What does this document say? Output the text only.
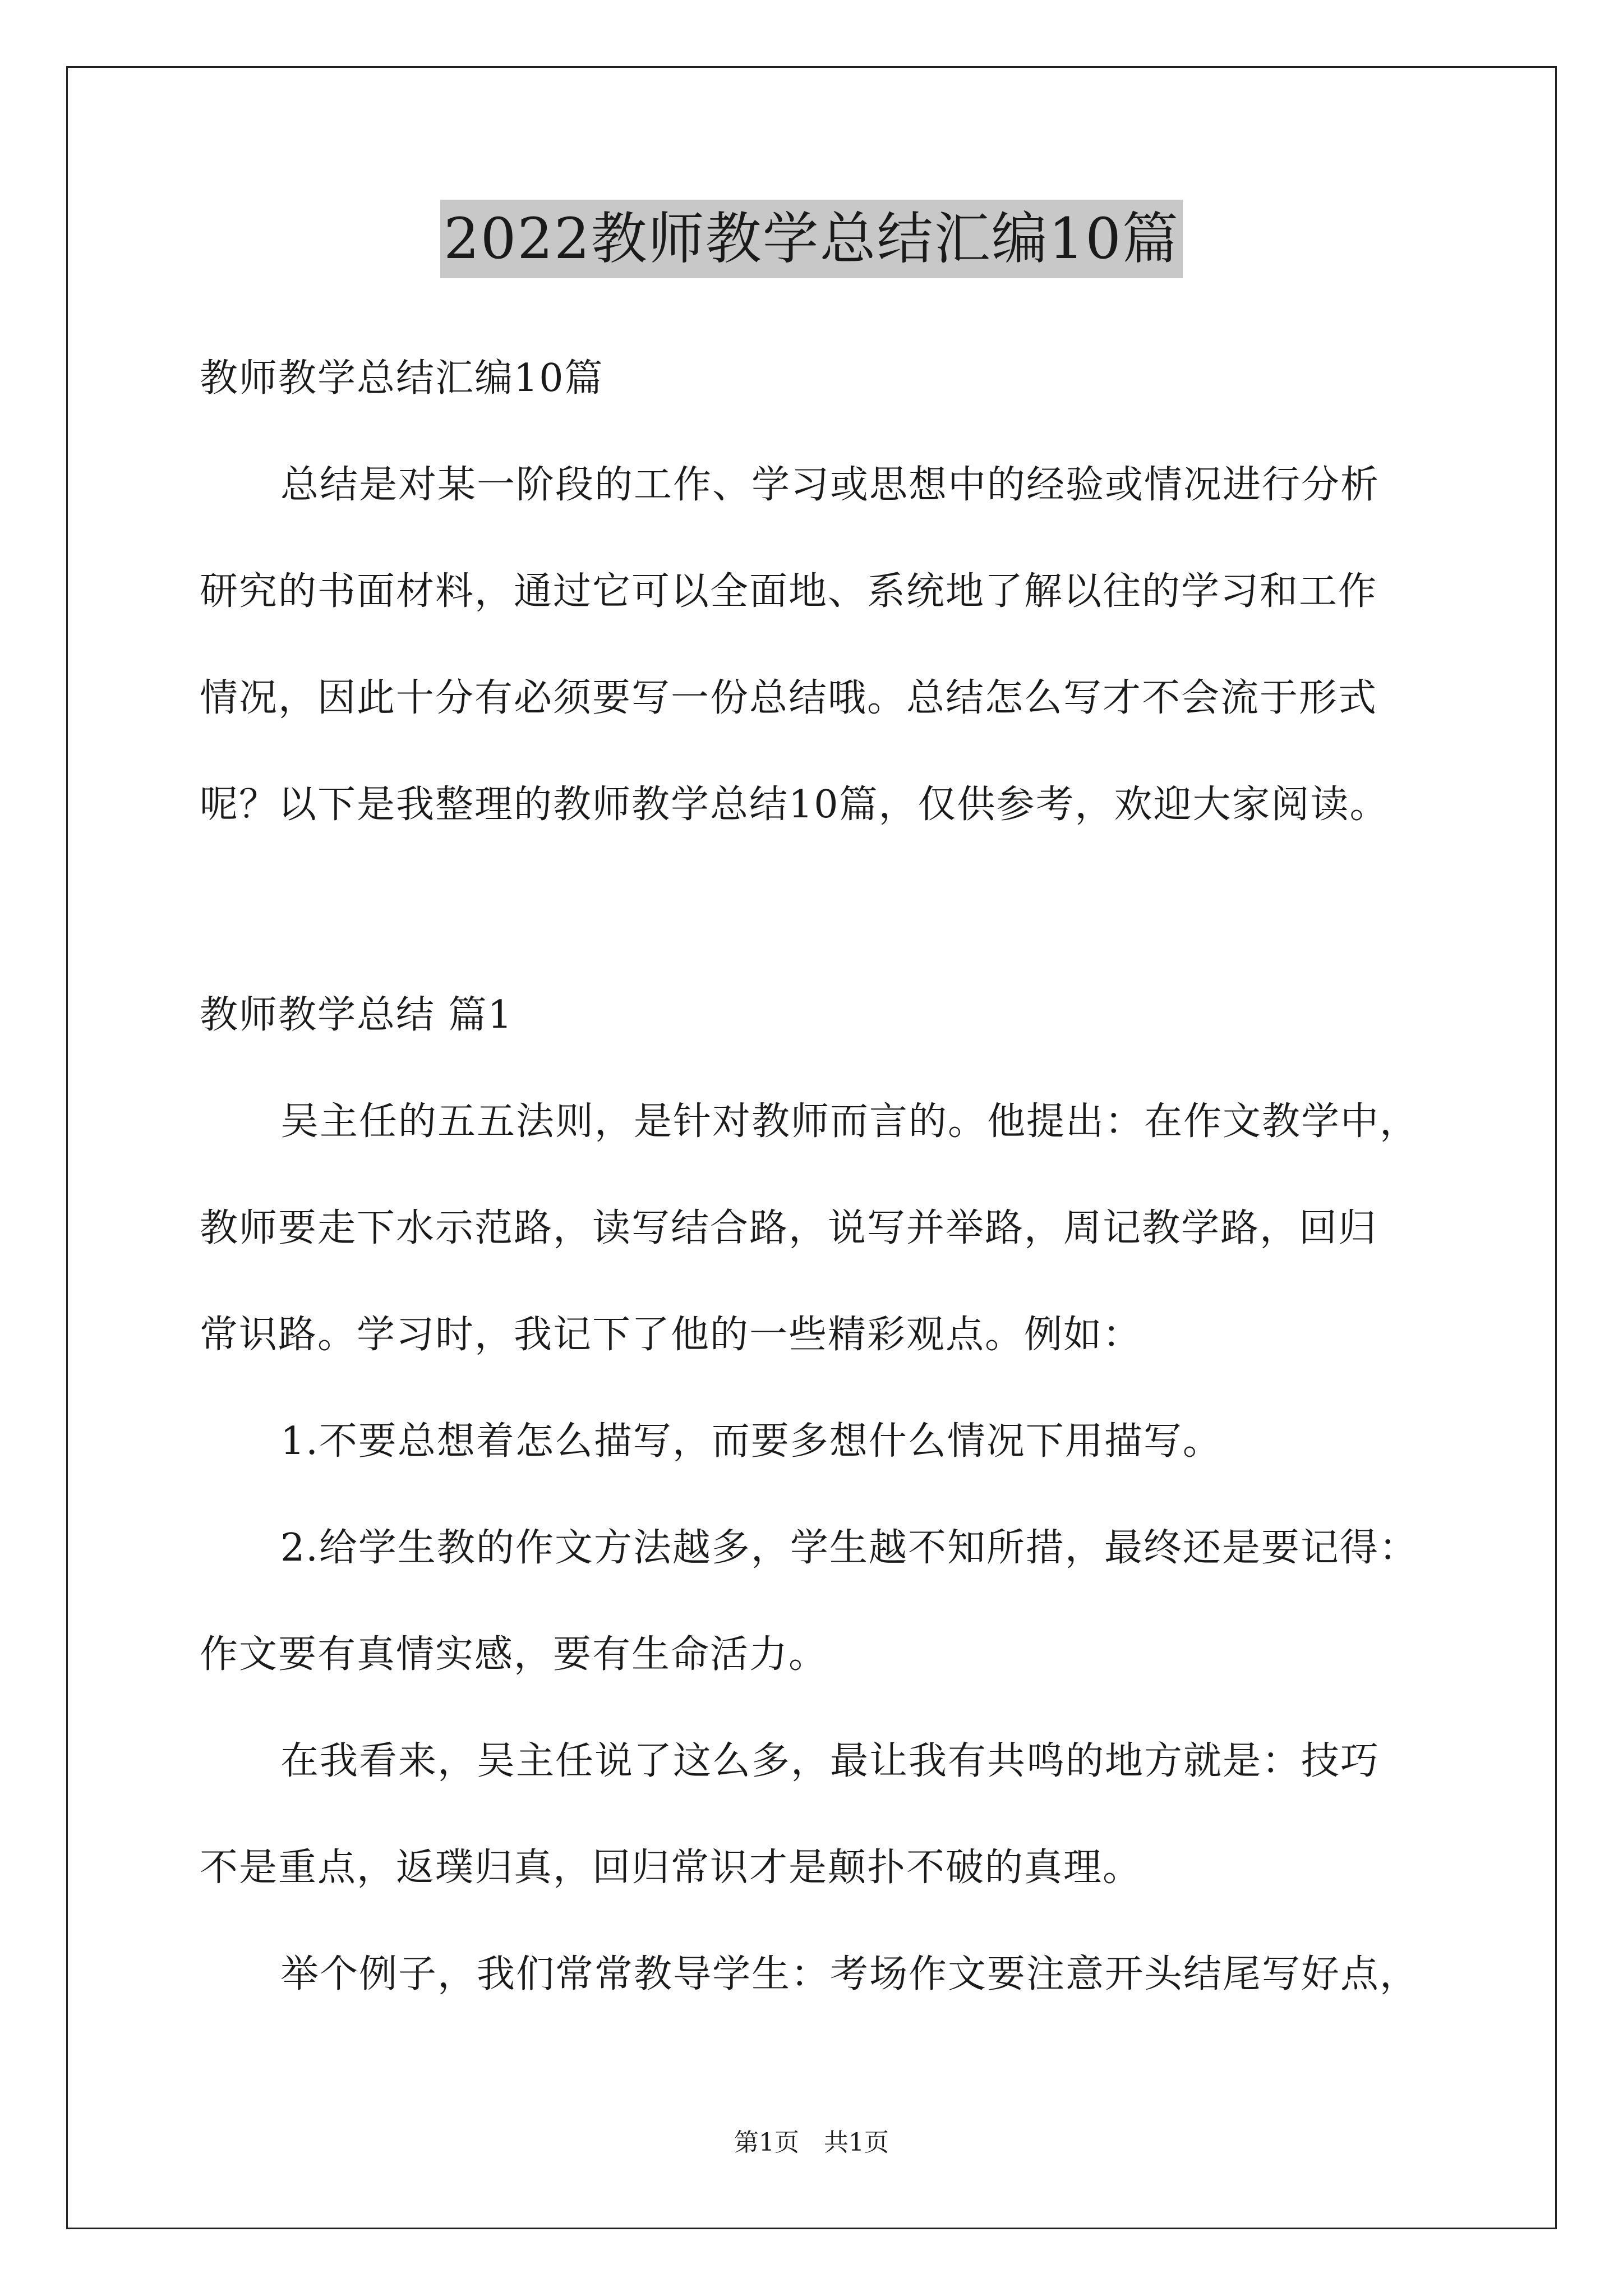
2022教师教学总结汇编10篇
教师教学总结汇编10篇
总结是对某一阶段的工作、学习或思想中的经验或情况进行分析
研究的书面材料，通过它可以全面地、系统地了解以往的学习和工作
情况，因此十分有必须要写一份总结哦。总结怎么写才不会流于形式
呢？以下是我整理的教师教学总结10篇，仅供参考，欢迎大家阅读。
教师教学总结 篇1
吴主任的五五法则，是针对教师而言的。他提出：在作文教学中，
教师要走下水示范路，读写结合路，说写并举路，周记教学路，回归
常识路。学习时，我记下了他的一些精彩观点。例如：
1.不要总想着怎么描写，而要多想什么情况下用描写。
2.给学生教的作文方法越多，学生越不知所措，最终还是要记得：
作文要有真情实感，要有生命活力。
在我看来，吴主任说了这么多，最让我有共鸣的地方就是：技巧
不是重点，返璞归真，回归常识才是颠扑不破的真理。
举个例子，我们常常教导学生：考场作文要注意开头结尾写好点，
第1页　共1页
